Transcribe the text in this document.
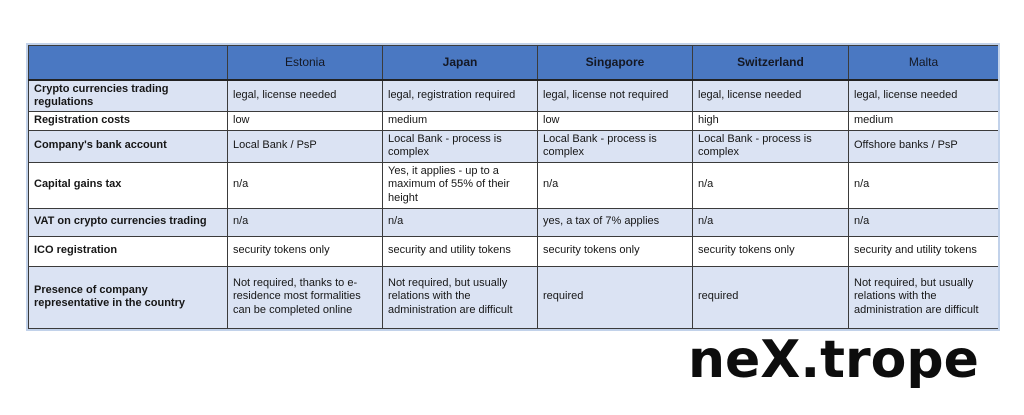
	Estonia	Japan	Singapore	Switzerland	Malta
Crypto currencies trading regulations	legal, license needed	legal, registration required	legal, license not required	legal, license needed	legal, license needed
Registration costs	low	medium	low	high	medium
Company's bank account	Local Bank / PsP	Local Bank - process is complex	Local Bank - process is complex	Local Bank - process is complex	Offshore banks / PsP
Capital gains tax	n/a	Yes, it applies - up to a maximum of 55% of their height	n/a	n/a	n/a
VAT on crypto currencies trading	n/a	n/a	yes, a tax of 7% applies	n/a	n/a
ICO registration	security tokens only	security and utility tokens	security tokens only	security tokens only	security and utility tokens
Presence of company representative in the country	Not required, thanks to e-residence most formalities can be completed online	Not required, but usually relations with the administration are difficult	required	required	Not required, but usually relations with the administration are difficult
neX.trope
